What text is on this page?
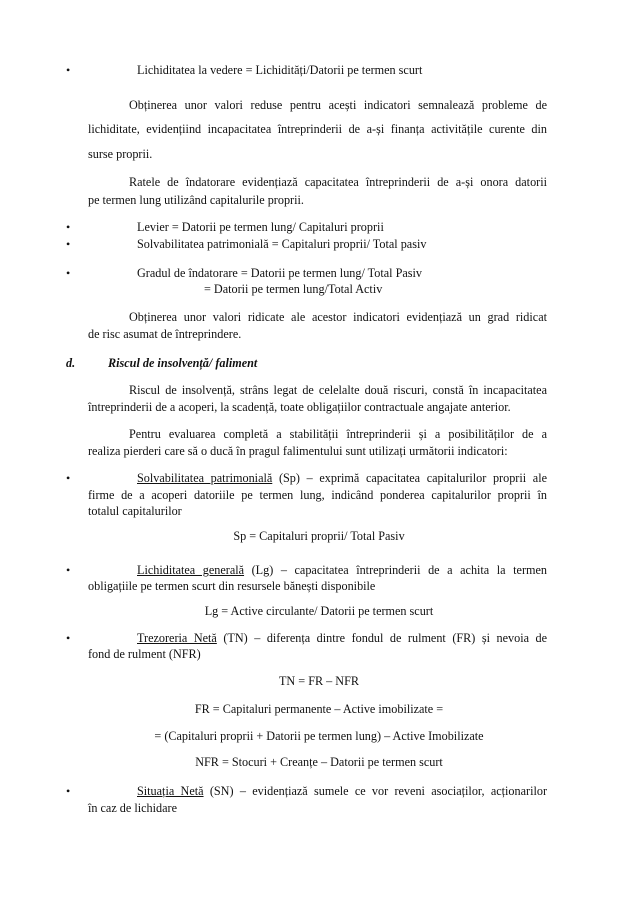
•	Lichiditatea la vedere = Lichidități/Datorii pe termen scurt
Obținerea unor valori reduse pentru acești indicatori semnalează probleme de
lichiditate, evidențiind incapacitatea întreprinderii de a-și finanța activitățile curente din
surse proprii.
Ratele de îndatorare evidențiază capacitatea întreprinderii de a-și onora datorii
pe termen lung utilizând capitalurile proprii.
•	Levier = Datorii pe termen lung/ Capitaluri proprii
•	Solvabilitatea patrimonială = Capitaluri proprii/ Total pasiv
•	Gradul de îndatorare = Datorii pe termen lung/ Total Pasiv
= Datorii pe termen lung/Total Activ
Obținerea unor valori ridicate ale acestor indicatori evidențiază un grad ridicat
de risc asumat de întreprindere.
d.	Riscul de insolvență/ faliment
Riscul de insolvență, strâns legat de celelalte două riscuri, constă în incapacitatea
întreprinderii de a acoperi, la scadență, toate obligațiilor contractuale angajate anterior.
Pentru evaluarea completă a stabilității întreprinderii și a posibilităților de a
realiza pierderi care să o ducă în pragul falimentului sunt utilizați următorii indicatori:
•	Solvabilitatea patrimonială (Sp) – exprimă capacitatea capitalurilor proprii ale
firme de a acoperi datoriile pe termen lung, indicând ponderea capitalurilor proprii în
totalul capitalurilor
Sp = Capitaluri proprii/ Total Pasiv
•	Lichiditatea generală (Lg) – capacitatea întreprinderii de a achita la termen
obligațiile pe termen scurt din resursele bănești disponibile
Lg = Active circulante/ Datorii pe termen scurt
•	Trezoreria Netă (TN) – diferența dintre fondul de rulment (FR) și nevoia de
fond de rulment (NFR)
TN = FR – NFR
FR = Capitaluri permanente – Active imobilizate =
= (Capitaluri proprii + Datorii pe termen lung) – Active Imobilizate
NFR = Stocuri + Creanțe – Datorii pe termen scurt
•	Situația Netă (SN) – evidențiază sumele ce vor reveni asociaților, acționarilor
în caz de lichidare
